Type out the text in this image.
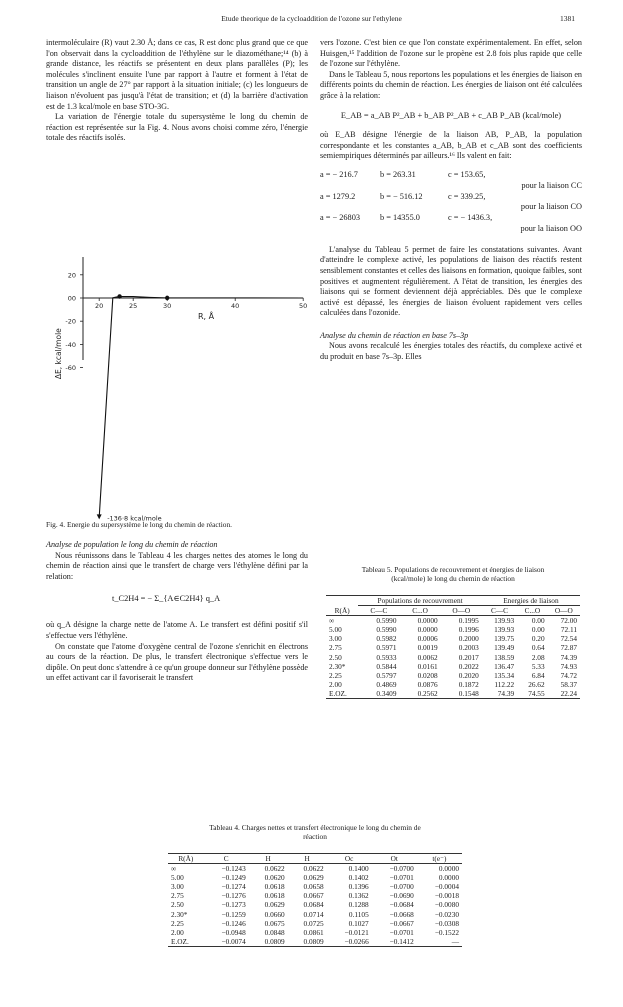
Etude theorique de la cycloaddition de l'ozone sur l'ethylene	1381

intermoléculaire (R) vaut 2.30 Å; dans ce cas, R est donc plus grand que ce que l'on observait dans la cycloaddition de l'éthylène sur le diazométhane;¹⁴ (b) à grande distance, les réactifs se présentent en deux plans parallèles (P); les molécules s'inclinent ensuite l'une par rapport à l'autre et forment à l'état de transition un angle de 27° par rapport à la situation initiale; (c) les longueurs de liaison n'évoluent pas jusqu'à l'état de transition; et (d) la barrière d'activation est de 1.3 kcal/mole en base STO-3G.

La variation de l'énergie totale du supersystème le long du chemin de réaction est représentée sur la Fig. 4. Nous avons choisi comme zéro, l'énergie totale des réactifs isolés.

20
00
-20
-40
-60
20	25	30	40	50
R, Å
ΔE, kcal/mole
-136·8 kcal/mole
Fig. 4. Energie du supersystème le long du chemin de réaction.

Analyse de population le long du chemin de réaction

Nous réunissons dans le Tableau 4 les charges nettes des atomes le long du chemin de réaction ainsi que le transfert de charge vers l'éthylène défini par la relation:

t_C2H4 = − Σ_{A∈C2H4} q_A

où q_A désigne la charge nette de l'atome A. Le transfert est défini positif s'il s'effectue vers l'éthylène.

On constate que l'atome d'oxygène central de l'ozone s'enrichit en électrons au cours de la réaction. De plus, le transfert électronique s'effectue vers le dipôle. On peut donc s'attendre à ce qu'un groupe donneur sur l'éthylène possède un effet activant car il favoriserait le transfert

vers l'ozone. C'est bien ce que l'on constate expérimentalement. En effet, selon Huisgen,¹⁵ l'addition de l'ozone sur le propène est 2.8 fois plus rapide que celle de l'ozone sur l'éthylène.

Dans le Tableau 5, nous reportons les populations et les énergies de liaison en différents points du chemin de réaction. Les énergies de liaison ont été calculées grâce à la relation:

E_AB = a_AB P²_AB + b_AB P²_AB + c_AB P_AB (kcal/mole)

où E_AB désigne l'énergie de la liaison AB, P_AB, la population correspondante et les constantes a_AB, b_AB et c_AB sont des coefficients semiempiriques déterminés par ailleurs.¹⁶ Ils valent en fait:

a = − 216.7	b = 263.31	c = 153.65,
pour la liaison CC
a = 1279.2	b = − 516.12	c = 339.25,
pour la liaison CO
a = − 26803	b = 14355.0	c = − 1436.3,
pour la liaison OO

L'analyse du Tableau 5 permet de faire les constatations suivantes. Avant d'atteindre le complexe activé, les populations de liaison des réactifs restent sensiblement constantes et celles des liaisons en formation, quoique faibles, sont positives et augmentent régulièrement. A l'état de transition, les énergies des liaisons qui se forment deviennent déjà appréciables. Dès que le complexe activé est dépassé, les énergies de liaison évoluent rapidement vers celles calculées dans l'ozonide.

Analyse du chemin de réaction en base 7s–3p

Nous avons recalculé les énergies totales des réactifs, du complexe activé et du produit en base 7s–3p. Elles

Tableau 5. Populations de recouvrement et énergies de liaison
(kcal/mole) le long du chemin de réaction
	Populations de recouvrement			Energies de liaison		
R(Å)	C—C	C...O	O—O	C—C	C...O	O—O
∞	0.5990	0.0000	0.1995	139.93	0.00	72.00
5.00	0.5990	0.0000	0.1996	139.93	0.00	72.11
3.00	0.5982	0.0006	0.2000	139.75	0.20	72.54
2.75	0.5971	0.0019	0.2003	139.49	0.64	72.87
2.50	0.5933	0.0062	0.2017	138.59	2.08	74.39
2.30*	0.5844	0.0161	0.2022	136.47	5.33	74.93
2.25	0.5797	0.0208	0.2020	135.34	6.84	74.72
2.00	0.4869	0.0876	0.1872	112.22	26.62	58.37
E.OZ.	0.3409	0.2562	0.1548	74.39	74.55	22.24
Tableau 4. Charges nettes et transfert électronique le long du chemin de
réaction
R(Å)	C	H	H	Oc	Ot	t(e⁻)
∞	−0.1243	0.0622	0.0622	0.1400	−0.0700	0.0000
5.00	−0.1249	0.0620	0.0629	0.1402	−0.0701	0.0000
3.00	−0.1274	0.0618	0.0658	0.1396	−0.0700	−0.0004
2.75	−0.1276	0.0618	0.0667	0.1362	−0.0690	−0.0018
2.50	−0.1273	0.0629	0.0684	0.1288	−0.0684	−0.0080
2.30*	−0.1259	0.0660	0.0714	0.1105	−0.0668	−0.0230
2.25	−0.1246	0.0675	0.0725	0.1027	−0.0667	−0.0308
2.00	−0.0948	0.0848	0.0861	−0.0121	−0.0701	−0.1522
E.OZ.	−0.0074	0.0809	0.0809	−0.0266	−0.1412	—
